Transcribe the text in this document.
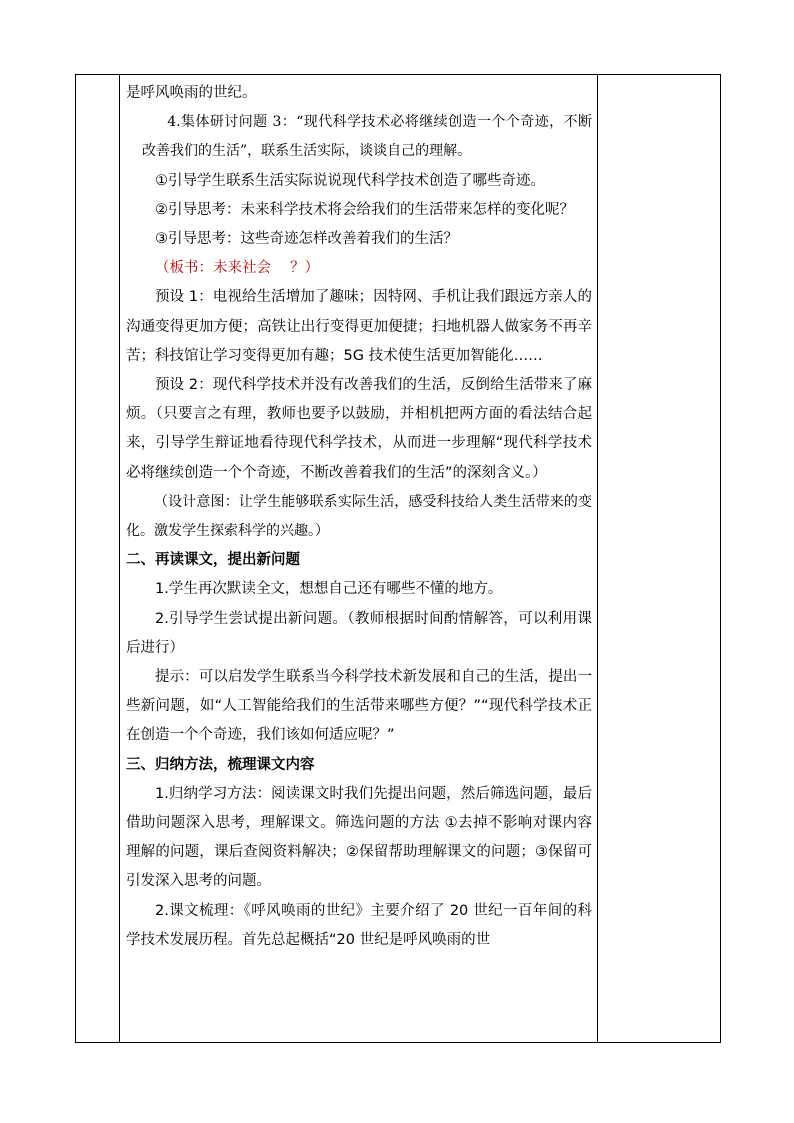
是呼风唤雨的世纪。

4.集体研讨问题 3：“现代科学技术必将继续创造一个个奇迹，不断改善我们的生活”，联系生活实际，谈谈自己的理解。

①引导学生联系生活实际说说现代科学技术创造了哪些奇迹。

②引导思考：未来科学技术将会给我们的生活带来怎样的变化呢？

③引导思考：这些奇迹怎样改善着我们的生活？

（板书：未来社会 　？）

预设 1：电视给生活增加了趣味；因特网、手机让我们跟远方亲人的沟通变得更加方便；高铁让出行变得更加便捷；扫地机器人做家务不再辛苦；科技馆让学习变得更加有趣；5G 技术使生活更加智能化……

预设 2：现代科学技术并没有改善我们的生活，反倒给生活带来了麻烦。（只要言之有理，教师也要予以鼓励，并相机把两方面的看法结合起来，引导学生辩证地看待现代科学技术，从而进一步理解“现代科学技术必将继续创造一个个奇迹，不断改善着我们的生活”的深刻含义。）

（设计意图：让学生能够联系实际生活，感受科技给人类生活带来的变化。激发学生探索科学的兴趣。）

二、再读课文，提出新问题

1.学生再次默读全文，想想自己还有哪些不懂的地方。

2.引导学生尝试提出新问题。（教师根据时间酌情解答，可以利用课后进行）

提示：可以启发学生联系当今科学技术新发展和自己的生活，提出一些新问题，如“人工智能给我们的生活带来哪些方便？”“现代科学技术正在创造一个个奇迹，我们该如何适应呢？”

三、归纳方法，梳理课文内容

1.归纳学习方法：阅读课文时我们先提出问题，然后筛选问题，最后借助问题深入思考，理解课文。筛选问题的方法 ①去掉不影响对课内容理解的问题，课后查阅资料解决；②保留帮助理解课文的问题；③保留可引发深入思考的问题。

2.课文梳理：《呼风唤雨的世纪》主要介绍了 20 世纪一百年间的科学技术发展历程。首先总起概括“20 世纪是呼风唤雨的世
